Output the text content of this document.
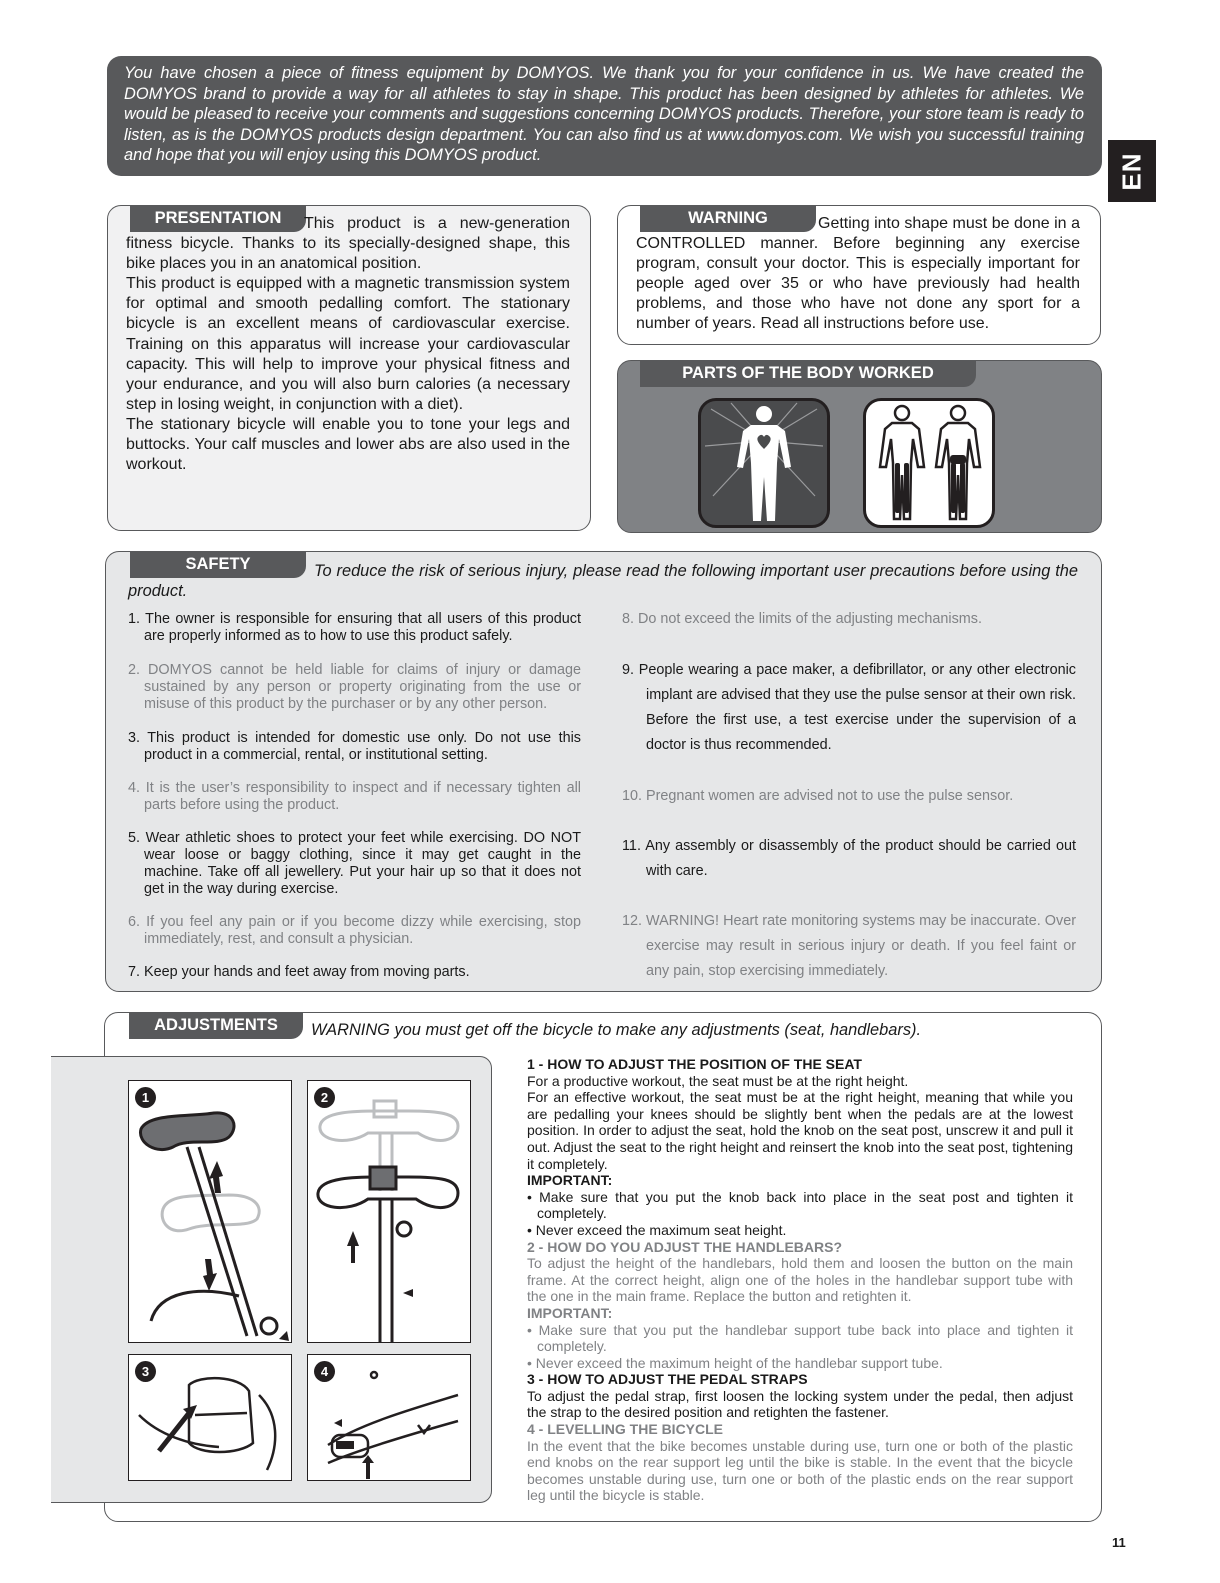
You have chosen a piece of fitness equipment by DOMYOS. We thank you for your confidence in us. We have created the DOMYOS brand to provide a way for all athletes to stay in shape. This product has been designed by athletes for athletes. We would be pleased to receive your comments and suggestions concerning DOMYOS products. Therefore, your store team is ready to listen, as is the DOMYOS products design department. You can also find us at www.domyos.com. We wish you successful training and hope that you will enjoy using this DOMYOS product.	EN
PRESENTATION	This product is a new-generation fitness bicycle. Thanks to its specially-designed shape, this bike places you in an anatomical position.

This product is equipped with a magnetic transmission system for optimal and smooth pedalling comfort. The stationary bicycle is an excellent means of cardiovascular exercise. Training on this apparatus will increase your cardiovascular capacity. This will help to improve your physical fitness and your endurance, and you will also burn calories (a necessary step in losing weight, in conjunction with a diet).

The stationary bicycle will enable you to tone your legs and buttocks. Your calf muscles and lower abs are also used in the workout.

WARNING	Getting into shape must be done in a CONTROLLED manner. Before beginning any exercise program, consult your doctor. This is especially important for people aged over 35 or who have previously had health problems, and those who have not done any sport for a number of years. Read all instructions before use.
PARTS OF THE BODY WORKED
SAFETY	To reduce the risk of serious injury, please read the following important user precautions before using the product.

1. The owner is responsible for ensuring that all users of this product are properly informed as to how to use this product safely.

2. DOMYOS cannot be held liable for claims of injury or damage sustained by any person or property originating from the use or misuse of this product by the purchaser or by any other person.

3. This product is intended for domestic use only. Do not use this product in a commercial, rental, or institutional setting.

4. It is the user’s responsibility to inspect and if necessary tighten all parts before using the product.

5. Wear athletic shoes to protect your feet while exercising. DO NOT wear loose or baggy clothing, since it may get caught in the machine. Take off all jewellery. Put your hair up so that it does not get in the way during exercise.

6. If you feel any pain or if you become dizzy while exercising, stop immediately, rest, and consult a physician.

7. Keep your hands and feet away from moving parts.

8. Do not exceed the limits of the adjusting mechanisms.

9. People wearing a pace maker, a defibrillator, or any other electronic implant are advised that they use the pulse sensor at their own risk. Before the first use, a test exercise under the supervision of a doctor is thus recommended.

10. Pregnant women are advised not to use the pulse sensor.

11. Any assembly or disassembly of the product should be carried out with care.

12. WARNING! Heart rate monitoring systems may be inaccurate. Over exercise may result in serious injury or death. If you feel faint or any pain, stop exercising immediately.

ADJUSTMENTS	WARNING you must get off the bicycle to make any adjustments (seat, handlebars).
1	2
3	4

1 - HOW TO ADJUST THE POSITION OF THE SEAT

For a productive workout, the seat must be at the right height.

For an effective workout, the seat must be at the right height, meaning that while you are pedalling your knees should be slightly bent when the pedals are at the lowest position. In order to adjust the seat, hold the knob on the seat post, unscrew it and pull it out. Adjust the seat to the right height and reinsert the knob into the seat post, tightening it completely.

IMPORTANT:

• Make sure that you put the knob back into place in the seat post and tighten it completely.

• Never exceed the maximum seat height.

2 - HOW DO YOU ADJUST THE HANDLEBARS?

To adjust the height of the handlebars, hold them and loosen the button on the main frame. At the correct height, align one of the holes in the handlebar support tube with the one in the main frame. Replace the button and retighten it.

IMPORTANT:

• Make sure that you put the handlebar support tube back into place and tighten it completely.

• Never exceed the maximum height of the handlebar support tube.

3 - HOW TO ADJUST THE PEDAL STRAPS

To adjust the pedal strap, first loosen the locking system under the pedal, then adjust the strap to the desired position and retighten the fastener.

4 - LEVELLING THE BICYCLE

In the event that the bike becomes unstable during use, turn one or both of the plastic end knobs on the rear support leg until the bike is stable. In the event that the bicycle becomes unstable during use, turn one or both of the plastic ends on the rear support leg until the bicycle is stable.

11
